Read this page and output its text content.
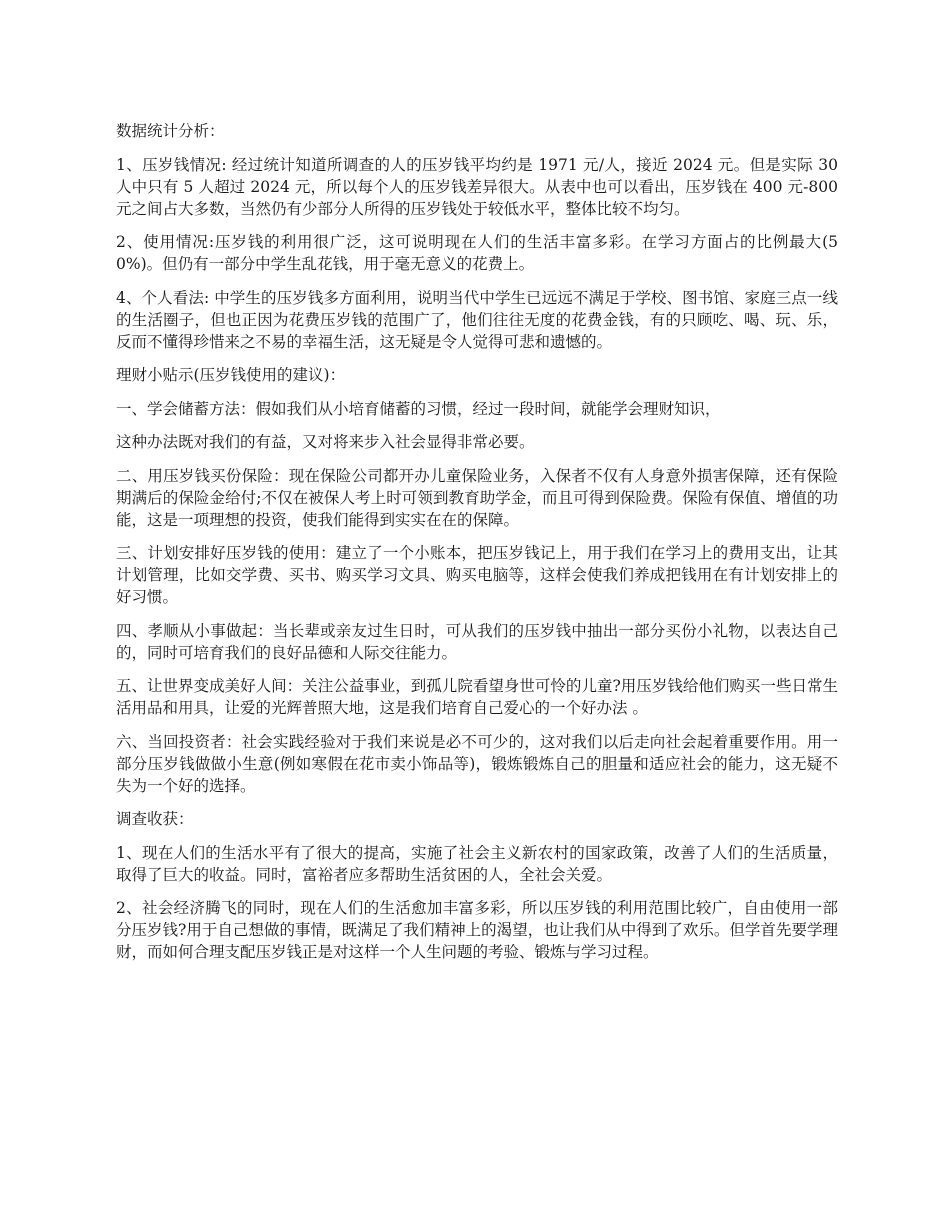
数据统计分析：

1、压岁钱情况: 经过统计知道所调查的人的压岁钱平均约是 1971 元/人，接近 2024 元。但是实际 30 人中只有 5 人超过 2024 元，所以每个人的压岁钱差异很大。从表中也可以看出，压岁钱在 400 元-800 元之间占大多数，当然仍有少部分人所得的压岁钱处于较低水平，整体比较不均匀。

2、使用情况:压岁钱的利用很广泛，这可说明现在人们的生活丰富多彩。在学习方面占的比例最大(50%)。但仍有一部分中学生乱花钱，用于毫无意义的花费上。

4、个人看法: 中学生的压岁钱多方面利用，说明当代中学生已远远不满足于学校、图书馆、家庭三点一线的生活圈子，但也正因为花费压岁钱的范围广了，他们往往无度的花费金钱，有的只顾吃、喝、玩、乐，反而不懂得珍惜来之不易的幸福生活，这无疑是令人觉得可悲和遗憾的。

理财小贴示(压岁钱使用的建议)：

一、学会储蓄方法：假如我们从小培育储蓄的习惯，经过一段时间，就能学会理财知识，

这种办法既对我们的有益，又对将来步入社会显得非常必要。

二、用压岁钱买份保险：现在保险公司都开办儿童保险业务，入保者不仅有人身意外损害保障，还有保险期满后的保险金给付;不仅在被保人考上时可领到教育助学金，而且可得到保险费。保险有保值、增值的功能，这是一项理想的投资，使我们能得到实实在在的保障。

三、计划安排好压岁钱的使用：建立了一个小账本，把压岁钱记上，用于我们在学习上的费用支出，让其计划管理，比如交学费、买书、购买学习文具、购买电脑等，这样会使我们养成把钱用在有计划安排上的好习惯。

四、孝顺从小事做起：当长辈或亲友过生日时，可从我们的压岁钱中抽出一部分买份小礼物，以表达自己的，同时可培育我们的良好品德和人际交往能力。

五、让世界变成美好人间：关注公益事业，到孤儿院看望身世可怜的儿童?用压岁钱给他们购买一些日常生活用品和用具，让爱的光辉普照大地，这是我们培育自己爱心的一个好办法 。

六、当回投资者：社会实践经验对于我们来说是必不可少的，这对我们以后走向社会起着重要作用。用一部分压岁钱做做小生意(例如寒假在花市卖小饰品等)，锻炼锻炼自己的胆量和适应社会的能力，这无疑不失为一个好的选择。

调查收获：

1、现在人们的生活水平有了很大的提高，实施了社会主义新农村的国家政策，改善了人们的生活质量，取得了巨大的收益。同时，富裕者应多帮助生活贫困的人，全社会关爱。

2、社会经济腾飞的同时，现在人们的生活愈加丰富多彩，所以压岁钱的利用范围比较广，自由使用一部分压岁钱?用于自己想做的事情，既满足了我们精神上的渴望，也让我们从中得到了欢乐。但学首先要学理财，而如何合理支配压岁钱正是对这样一个人生问题的考验、锻炼与学习过程。
